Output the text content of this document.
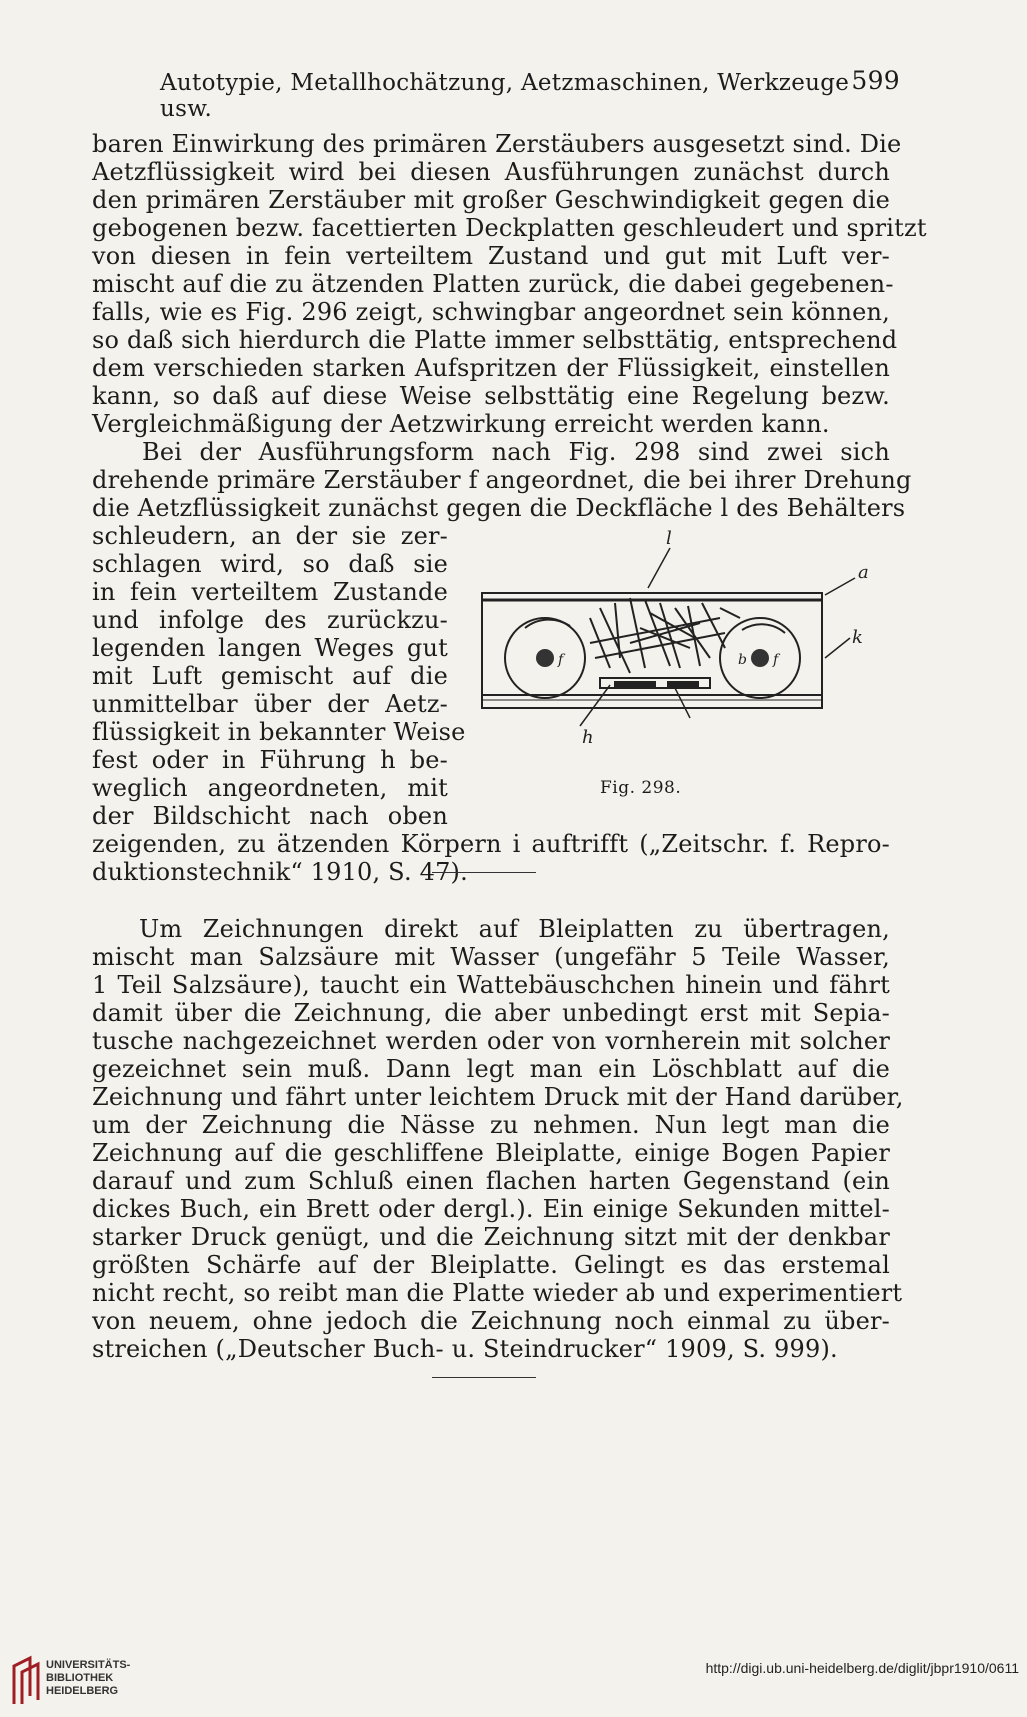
Autotypie, Metallhochätzung, Aetzmaschinen, Werkzeuge usw.
599
baren Einwirkung des primären Zerstäubers ausgesetzt sind. Die
Aetzflüssigkeit wird bei diesen Ausführungen zunächst durch
den primären Zerstäuber mit großer Geschwindigkeit gegen die
gebogenen bezw. facettierten Deckplatten geschleudert und spritzt
von diesen in fein verteiltem Zustand und gut mit Luft ver-
mischt auf die zu ätzenden Platten zurück, die dabei gegebenen-
falls, wie es Fig. 296 zeigt, schwingbar angeordnet sein können,
so daß sich hierdurch die Platte immer selbsttätig, entsprechend
dem verschieden starken Aufspritzen der Flüssigkeit, einstellen
kann, so daß auf diese Weise selbsttätig eine Regelung bezw.
Vergleichmäßigung der Aetzwirkung erreicht werden kann.
Bei der Ausführungsform nach Fig. 298 sind zwei sich
drehende primäre Zerstäuber f angeordnet, die bei ihrer Drehung
die Aetzflüssigkeit zunächst gegen die Deckfläche l des Behälters
schleudern, an der sie zer-
schlagen wird, so daß sie
in fein verteiltem Zustande
und infolge des zurückzu-
legenden langen Weges gut
mit Luft gemischt auf die
unmittelbar über der Aetz-
flüssigkeit in bekannter Weise
fest oder in Führung h be-
weglich angeordneten, mit
der Bildschicht nach oben
zeigenden, zu ätzenden Körpern i auftrifft („Zeitschr. f. Repro-
duktionstechnik“ 1910, S. 47).
Um Zeichnungen direkt auf Bleiplatten zu übertragen,
mischt man Salzsäure mit Wasser (ungefähr 5 Teile Wasser,
1 Teil Salzsäure), taucht ein Wattebäuschchen hinein und fährt
damit über die Zeichnung, die aber unbedingt erst mit Sepia-
tusche nachgezeichnet werden oder von vornherein mit solcher
gezeichnet sein muß. Dann legt man ein Löschblatt auf die
Zeichnung und fährt unter leichtem Druck mit der Hand darüber,
um der Zeichnung die Nässe zu nehmen. Nun legt man die
Zeichnung auf die geschliffene Bleiplatte, einige Bogen Papier
darauf und zum Schluß einen flachen harten Gegenstand (ein
dickes Buch, ein Brett oder dergl.). Ein einige Sekunden mittel-
starker Druck genügt, und die Zeichnung sitzt mit der denkbar
größten Schärfe auf der Bleiplatte. Gelingt es das erstemal
nicht recht, so reibt man die Platte wieder ab und experimentiert
von neuem, ohne jedoch die Zeichnung noch einmal zu über-
streichen („Deutscher Buch- u. Steindrucker“ 1909, S. 999).
l
a
k
h
f	f
b
Fig. 298.
UNIVERSITÄTS-
BIBLIOTHEK
HEIDELBERG
http://digi.ub.uni-heidelberg.de/diglit/jbpr1910/0611
